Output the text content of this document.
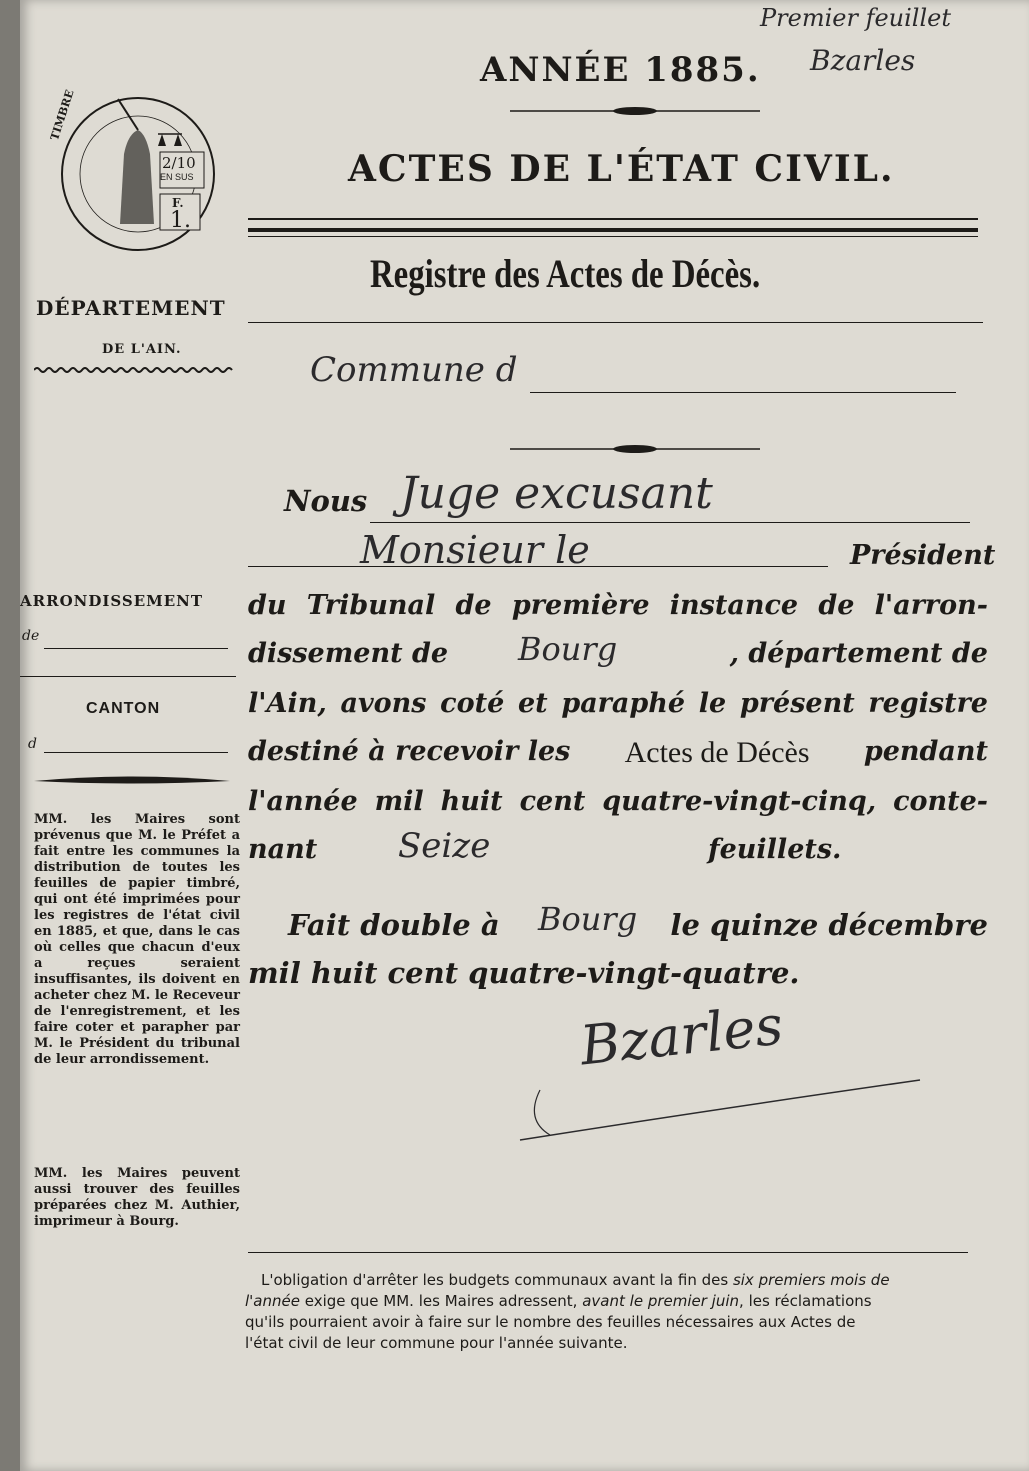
Premier feuillet
Bzarles
ANNÉE 1885.
ACTES DE L'ÉTAT CIVIL.
Registre des Actes de Décès.
Commune d
TIMBRE
2/10
EN SUS
F.
1.
DÉPARTEMENT
DE L'AIN.
ARRONDISSEMENT
de
CANTON
d
MM. les Maires sont prévenus que M. le Préfet a fait entre les communes la distribution de toutes les feuilles de papier timbré, qui ont été imprimées pour les registres de l'état civil en 1885, et que, dans le cas où celles que chacun d'eux a reçues seraient insuffisantes, ils doivent en acheter chez M. le Receveur de l'enregistrement, et les faire coter et parapher par M. le Président du tribunal de leur arrondissement.
MM. les Maires peuvent aussi trouver des feuilles préparées chez M. Authier, imprimeur à Bourg.
Nous Juge excusant
Monsieur le	Président
du Tribunal de première instance de l'arron-
dissement de Bourg	, département de
l'Ain, avons coté et paraphé le présent registre
destiné à recevoir les Actes de Décès pendant
l'année mil huit cent quatre-vingt-cinq, conte-
nant Seize	feuillets.
Fait double à Bourg le quinze décembre
mil huit cent quatre-vingt-quatre.
Bzarles
L'obligation d'arrêter les budgets communaux avant la fin des six premiers mois de
l'année exige que MM. les Maires adressent, avant le premier juin, les réclamations
qu'ils pourraient avoir à faire sur le nombre des feuilles nécessaires aux Actes de
l'état civil de leur commune pour l'année suivante.
